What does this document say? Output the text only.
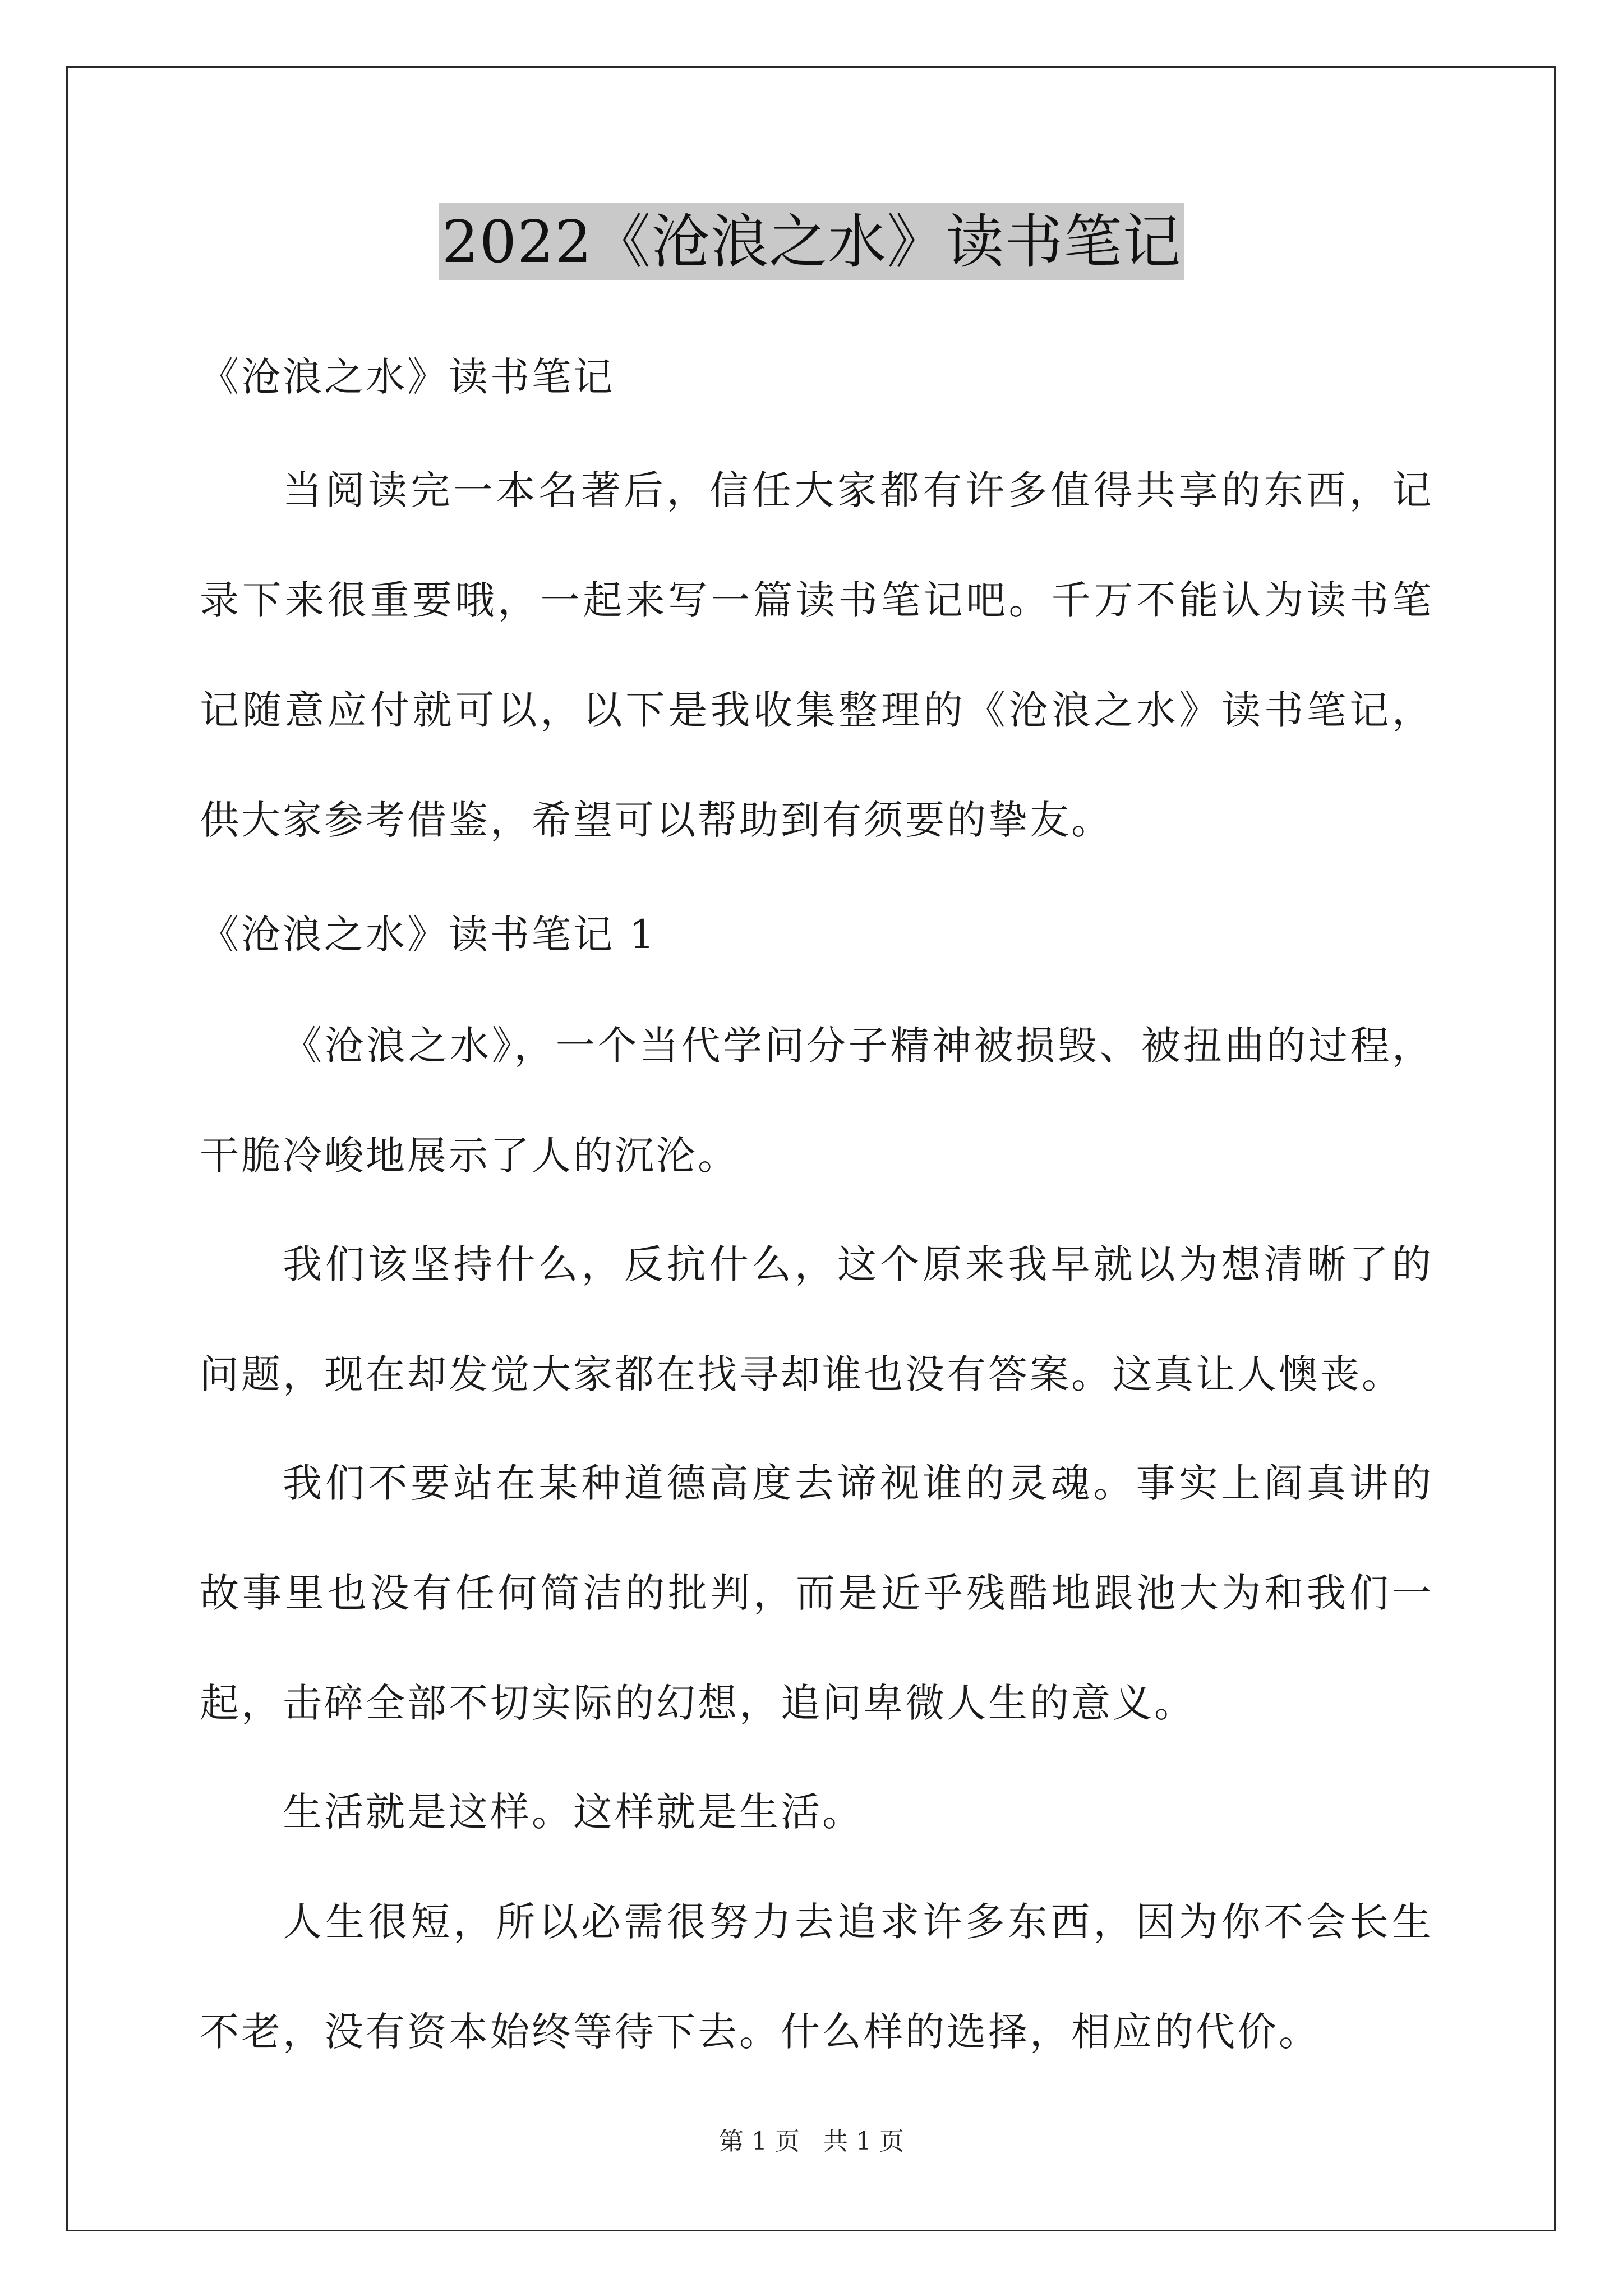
2022《沧浪之水》读书笔记

《沧浪之水》读书笔记

当阅读完一本名著后，信任大家都有许多值得共享的东西，记录下来很重要哦，一起来写一篇读书笔记吧。千万不能认为读书笔记随意应付就可以，以下是我收集整理的《沧浪之水》读书笔记，供大家参考借鉴，希望可以帮助到有须要的挚友。

《沧浪之水》读书笔记 1

《沧浪之水》，一个当代学问分子精神被损毁、被扭曲的过程，干脆冷峻地展示了人的沉沦。

我们该坚持什么，反抗什么，这个原来我早就以为想清晰了的问题，现在却发觉大家都在找寻却谁也没有答案。这真让人懊丧。

我们不要站在某种道德高度去谛视谁的灵魂。事实上阎真讲的故事里也没有任何简洁的批判，而是近乎残酷地跟池大为和我们一起，击碎全部不切实际的幻想，追问卑微人生的意义。

生活就是这样。这样就是生活。

人生很短，所以必需很努力去追求许多东西，因为你不会长生不老，没有资本始终等待下去。什么样的选择，相应的代价。

第 1 页 共 1 页
